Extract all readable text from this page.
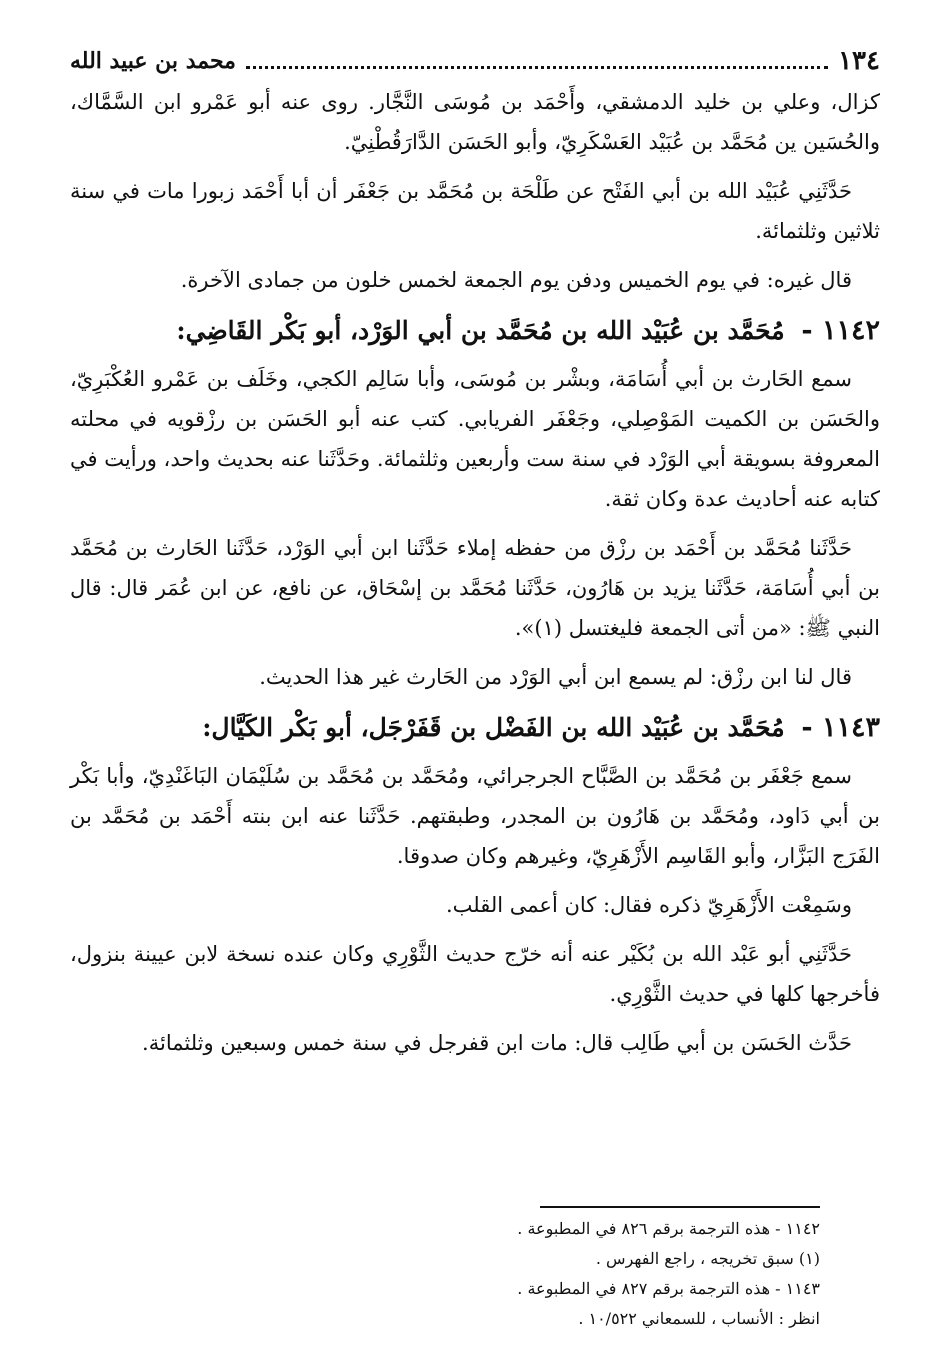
١٣٤
محمد بن عبيد الله

كزال، وعلي بن خليد الدمشقي، وأَحْمَد بن مُوسَى النَّجَّار. روى عنه أبو عَمْرو ابن السَّمَّاك، والحُسَين ين مُحَمَّد بن عُبَيْد العَسْكَرِيّ، وأبو الحَسَن الدَّارَقُطْنِيّ.

حَدَّثَنِي عُبَيْد الله بن أبي الفَتْح عن طَلْحَة بن مُحَمَّد بن جَعْفَر أن أبا أَحْمَد زبورا مات في سنة ثلاثين وثلثمائة.

قال غيره: في يوم الخميس ودفن يوم الجمعة لخمس خلون من جمادى الآخرة.

١١٤٢ - مُحَمَّد بن عُبَيْد الله بن مُحَمَّد بن أبي الوَرْد، أبو بَكْر القَاضِي:

سمع الحَارث بن أبي أُسَامَة، وبشْر بن مُوسَى، وأبا سَالِم الكجي، وخَلَف بن عَمْرو العُكْبَرِيّ، والحَسَن بن الكميت المَوْصِلي، وجَعْفَر الفريابي. كتب عنه أبو الحَسَن بن رزْقويه في محلته المعروفة بسويقة أبي الوَرْد في سنة ست وأربعين وثلثمائة. وحَدَّثَنا عنه بحديث واحد، ورأيت في كتابه عنه أحاديث عدة وكان ثقة.

حَدَّثَنا مُحَمَّد بن أَحْمَد بن رزْق من حفظه إملاء حَدَّثَنا ابن أبي الوَرْد، حَدَّثَنا الحَارث بن مُحَمَّد بن أبي أُسَامَة، حَدَّثَنا يزيد بن هَارُون، حَدَّثَنا مُحَمَّد بن إسْحَاق، عن نافع، عن ابن عُمَر قال: قال النبي ﷺ: «من أتى الجمعة فليغتسل (١)».

قال لنا ابن رزْق: لم يسمع ابن أبي الوَرْد من الحَارث غير هذا الحديث.

١١٤٣ - مُحَمَّد بن عُبَيْد الله بن الفَضْل بن قَفَرْجَل، أبو بَكْر الكَيَّال:

سمع جَعْفَر بن مُحَمَّد بن الصَّبَّاح الجرجرائي، ومُحَمَّد بن مُحَمَّد بن سُلَيْمَان البَاغَنْدِيّ، وأبا بَكْر بن أبي دَاود، ومُحَمَّد بن هَارُون بن المجدر، وطبقتهم. حَدَّثَنا عنه ابن بنته أَحْمَد بن مُحَمَّد بن الفَرَج البَزَّار، وأبو القَاسِم الأَزْهَرِيّ، وغيرهم وكان صدوقا.

وسَمِعْت الأَزْهَرِيّ ذكره فقال: كان أعمى القلب.

حَدَّثَنِي أبو عَبْد الله بن بُكَيْر عنه أنه خرّج حديث الثَّوْرِي وكان عنده نسخة لابن عيينة بنزول، فأخرجها كلها في حديث الثَّوْرِي.

حَدَّث الحَسَن بن أبي طَالِب قال: مات ابن قفرجل في سنة خمس وسبعين وثلثمائة.

١١٤٢ - هذه الترجمة برقم ٨٢٦ في المطبوعة .

(١) سبق تخريجه ، راجع الفهرس .

١١٤٣ - هذه الترجمة برقم ٨٢٧ في المطبوعة .

انظر : الأنساب ، للسمعاني ١٠/٥٢٢ .
